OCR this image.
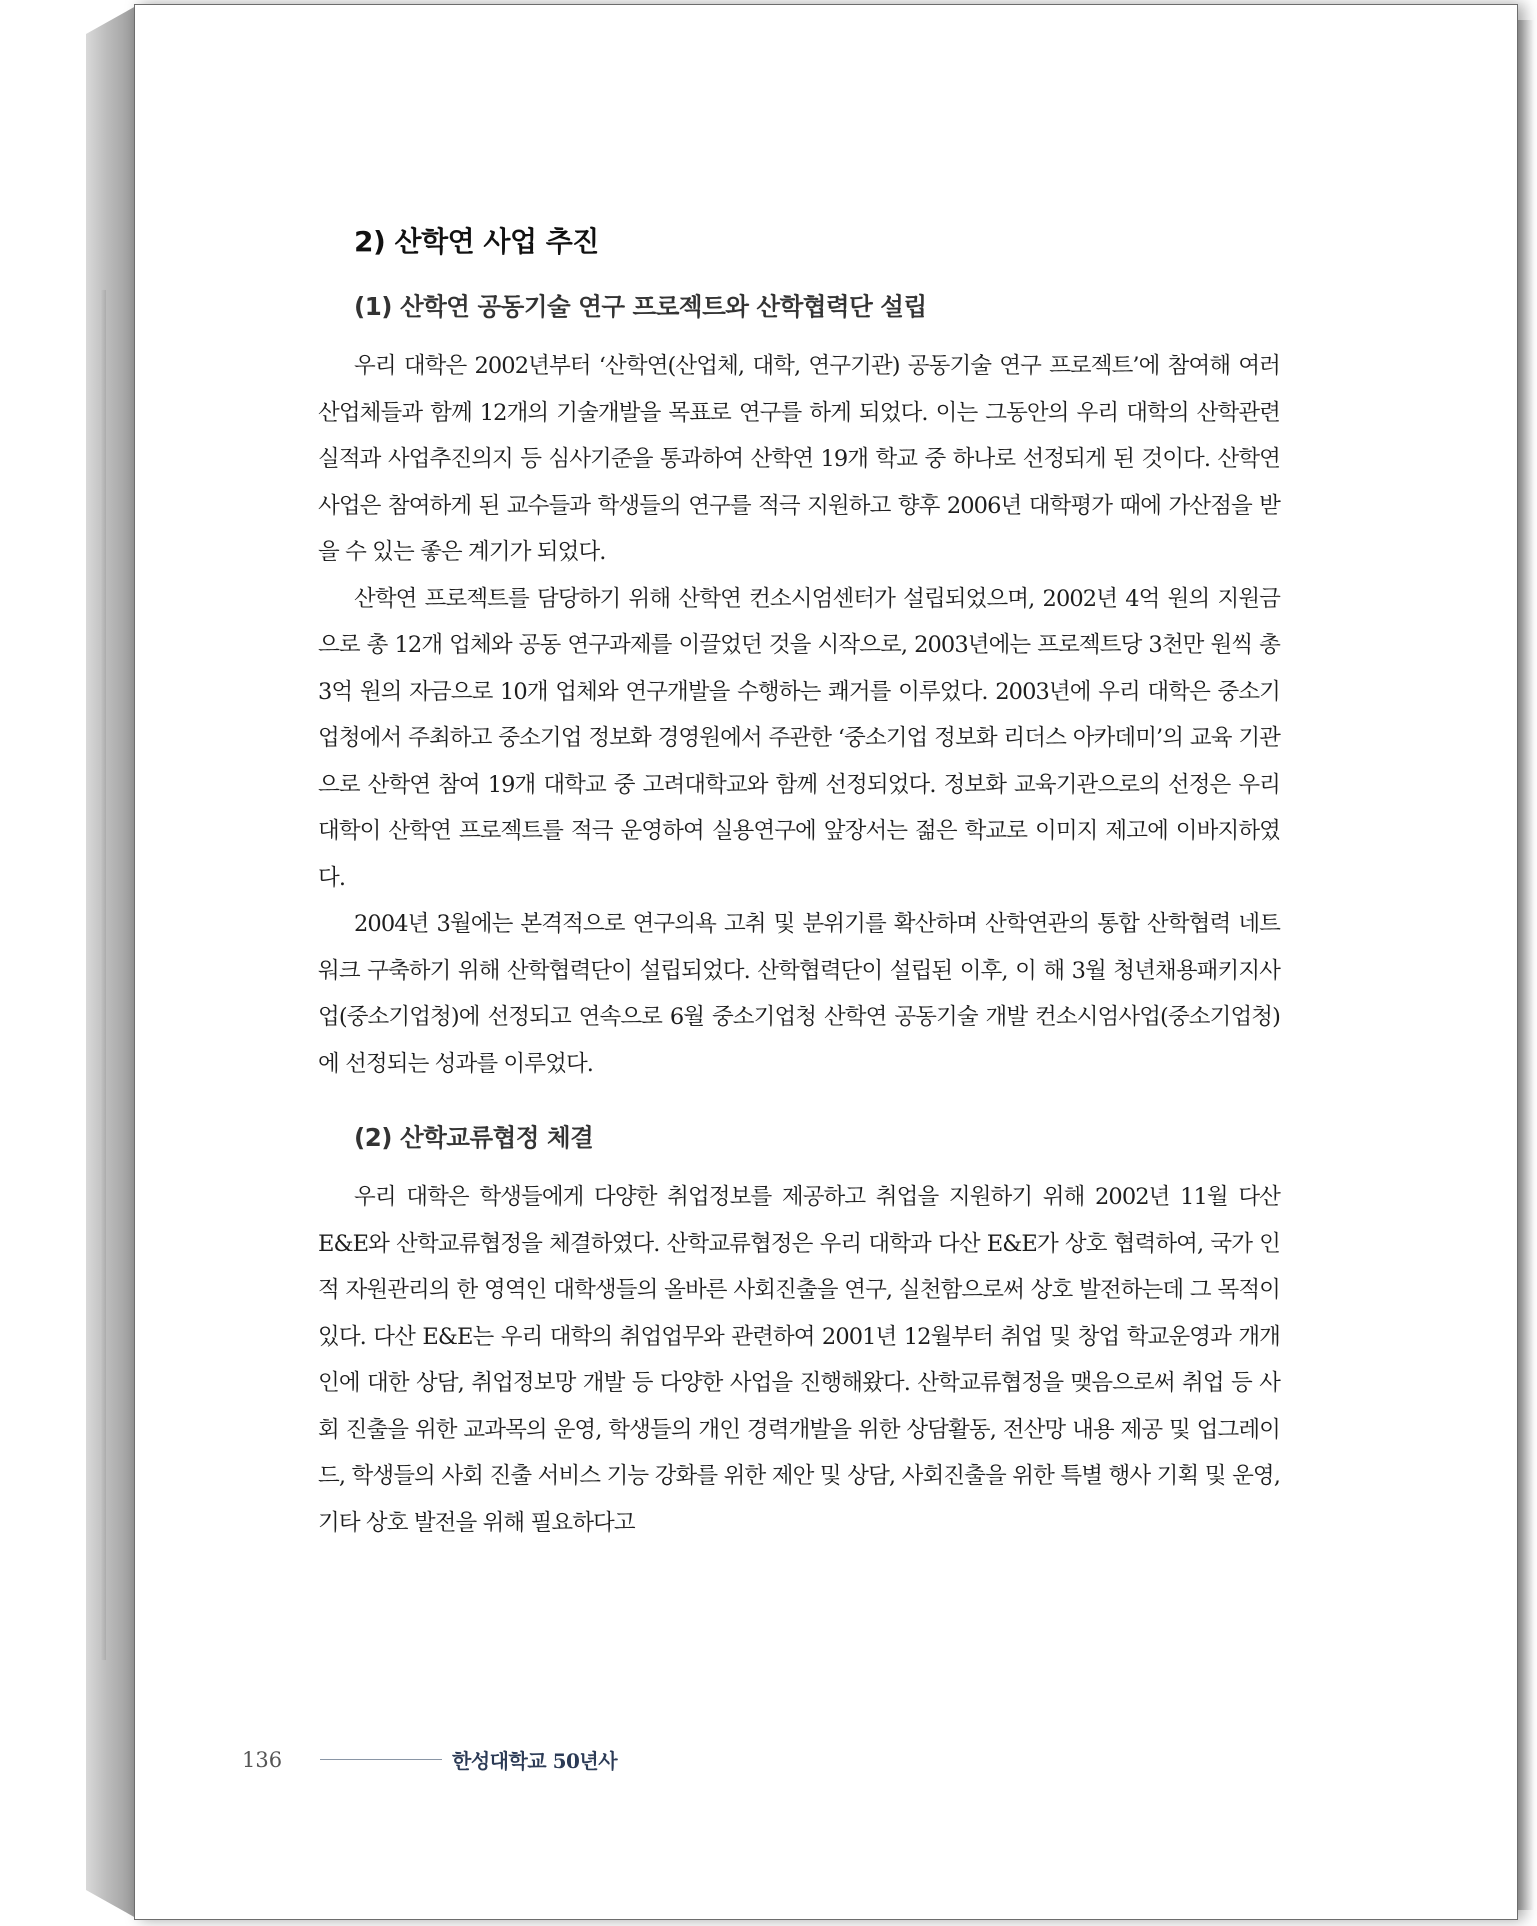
2) 산학연 사업 추진
(1) 산학연 공동기술 연구 프로젝트와 산학협력단 설립

우리 대학은 2002년부터 ‘산학연(산업체, 대학, 연구기관) 공동기술 연구 프로젝트’에 참여해 여러 산업체들과 함께 12개의 기술개발을 목표로 연구를 하게 되었다. 이는 그동안의 우리 대학의 산학관련실적과 사업추진의지 등 심사기준을 통과하여 산학연 19개 학교 중 하나로 선정되게 된 것이다. 산학연사업은 참여하게 된 교수들과 학생들의 연구를 적극 지원하고 향후 2006년 대학평가 때에 가산점을 받을 수 있는 좋은 계기가 되었다.

산학연 프로젝트를 담당하기 위해 산학연 컨소시엄센터가 설립되었으며, 2002년 4억 원의 지원금으로 총 12개 업체와 공동 연구과제를 이끌었던 것을 시작으로, 2003년에는 프로젝트당 3천만 원씩 총 3억 원의 자금으로 10개 업체와 연구개발을 수행하는 쾌거를 이루었다. 2003년에 우리 대학은 중소기업청에서 주최하고 중소기업 정보화 경영원에서 주관한 ‘중소기업 정보화 리더스 아카데미’의 교육 기관으로 산학연 참여 19개 대학교 중 고려대학교와 함께 선정되었다. 정보화 교육기관으로의 선정은 우리 대학이 산학연 프로젝트를 적극 운영하여 실용연구에 앞장서는 젊은 학교로 이미지 제고에 이바지하였다.

2004년 3월에는 본격적으로 연구의욕 고취 및 분위기를 확산하며 산학연관의 통합 산학협력 네트워크 구축하기 위해 산학협력단이 설립되었다. 산학협력단이 설립된 이후, 이 해 3월 청년채용패키지사업(중소기업청)에 선정되고 연속으로 6월 중소기업청 산학연 공동기술 개발 컨소시엄사업(중소기업청)에 선정되는 성과를 이루었다.

(2) 산학교류협정 체결

우리 대학은 학생들에게 다양한 취업정보를 제공하고 취업을 지원하기 위해 2002년 11월 다산 E&E와 산학교류협정을 체결하였다. 산학교류협정은 우리 대학과 다산 E&E가 상호 협력하여, 국가 인적 자원관리의 한 영역인 대학생들의 올바른 사회진출을 연구, 실천함으로써 상호 발전하는데 그 목적이 있다. 다산 E&E는 우리 대학의 취업업무와 관련하여 2001년 12월부터 취업 및 창업 학교운영과 개개인에 대한 상담, 취업정보망 개발 등 다양한 사업을 진행해왔다. 산학교류협정을 맺음으로써 취업 등 사회 진출을 위한 교과목의 운영, 학생들의 개인 경력개발을 위한 상담활동, 전산망 내용 제공 및 업그레이드, 학생들의 사회 진출 서비스 기능 강화를 위한 제안 및 상담, 사회진출을 위한 특별 행사 기획 및 운영, 기타 상호 발전을 위해 필요하다고

136	한성대학교 50년사
